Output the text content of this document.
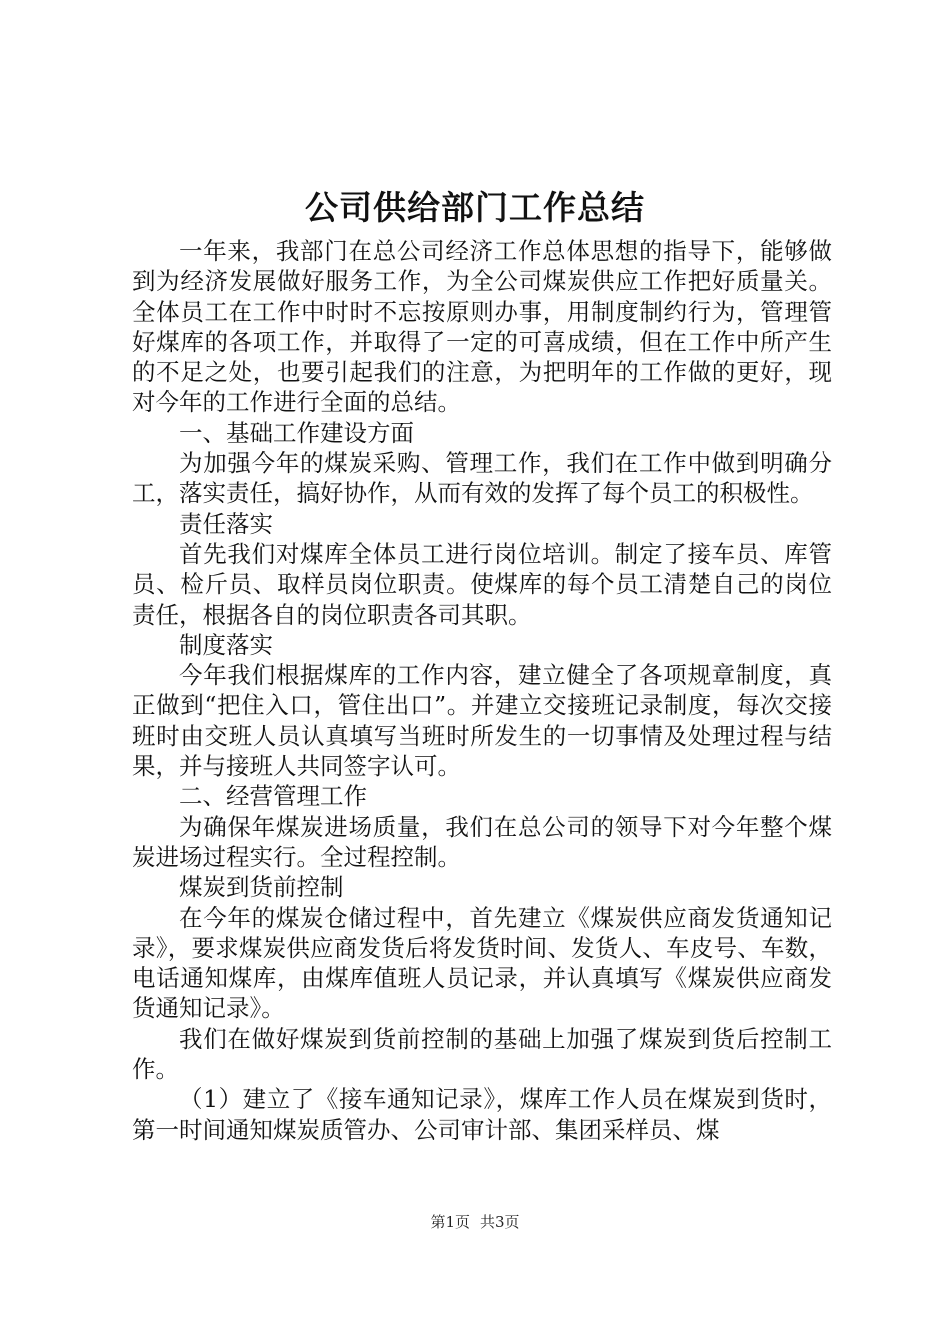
公司供给部门工作总结

一年来，我部门在总公司经济工作总体思想的指导下，能够做到为经济发展做好服务工作，为全公司煤炭供应工作把好质量关。全体员工在工作中时时不忘按原则办事，用制度制约行为，管理管好煤库的各项工作，并取得了一定的可喜成绩，但在工作中所产生的不足之处，也要引起我们的注意，为把明年的工作做的更好，现对今年的工作进行全面的总结。

一、基础工作建设方面

为加强今年的煤炭采购、管理工作，我们在工作中做到明确分工，落实责任，搞好协作，从而有效的发挥了每个员工的积极性。

责任落实

首先我们对煤库全体员工进行岗位培训。制定了接车员、库管员、检斤员、取样员岗位职责。使煤库的每个员工清楚自己的岗位责任，根据各自的岗位职责各司其职。

制度落实

今年我们根据煤库的工作内容，建立健全了各项规章制度，真正做到“把住入口，管住出口”。并建立交接班记录制度，每次交接班时由交班人员认真填写当班时所发生的一切事情及处理过程与结果，并与接班人共同签字认可。

二、经营管理工作

为确保年煤炭进场质量，我们在总公司的领导下对今年整个煤炭进场过程实行。全过程控制。

煤炭到货前控制

在今年的煤炭仓储过程中，首先建立《煤炭供应商发货通知记录》，要求煤炭供应商发货后将发货时间、发货人、车皮号、车数，电话通知煤库，由煤库值班人员记录，并认真填写《煤炭供应商发货通知记录》。

我们在做好煤炭到货前控制的基础上加强了煤炭到货后控制工作。

（1）建立了《接车通知记录》，煤库工作人员在煤炭到货时，第一时间通知煤炭质管办、公司审计部、集团采样员、煤

第1页 共3页
